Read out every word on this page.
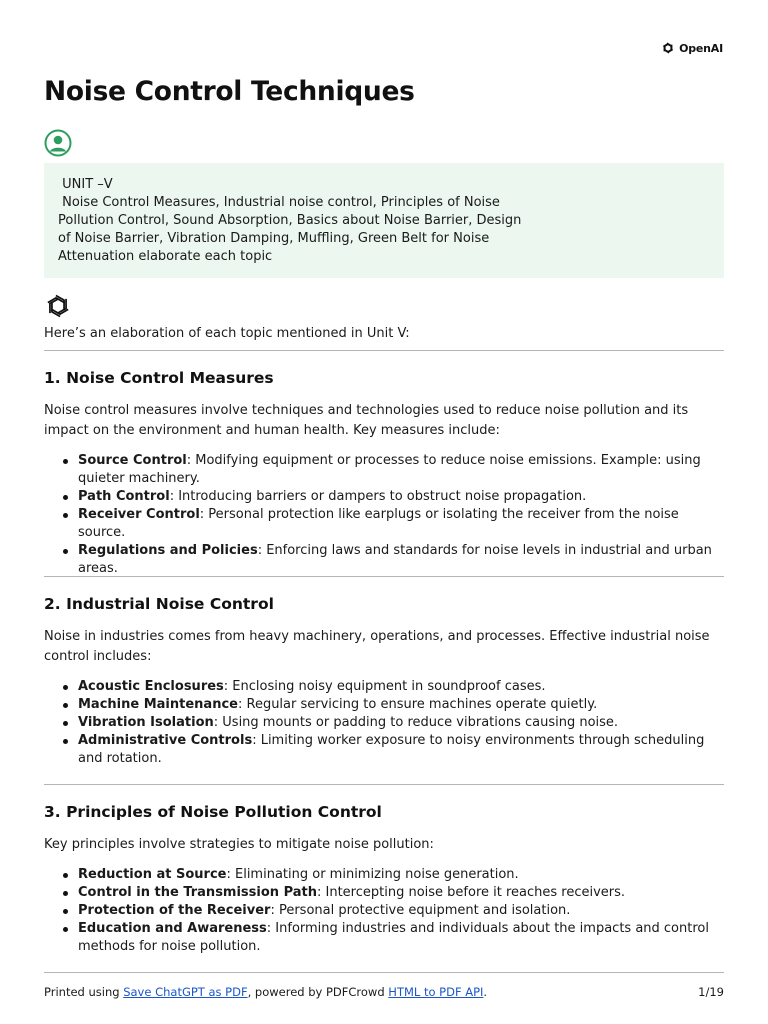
OpenAI
Noise Control Techniques
UNIT –V
Noise Control Measures, Industrial noise control, Principles of Noise
Pollution Control, Sound Absorption, Basics about Noise Barrier, Design
of Noise Barrier, Vibration Damping, Muffling, Green Belt for Noise
Attenuation elaborate each topic

Here’s an elaboration of each topic mentioned in Unit V:

1. Noise Control Measures

Noise control measures involve techniques and technologies used to reduce noise pollution and its impact on the environment and human health. Key measures include:

Source Control: Modifying equipment or processes to reduce noise emissions. Example: using quieter machinery.
Path Control: Introducing barriers or dampers to obstruct noise propagation.
Receiver Control: Personal protection like earplugs or isolating the receiver from the noise source.
Regulations and Policies: Enforcing laws and standards for noise levels in industrial and urban areas.
2. Industrial Noise Control

Noise in industries comes from heavy machinery, operations, and processes. Effective industrial noise control includes:

Acoustic Enclosures: Enclosing noisy equipment in soundproof cases.
Machine Maintenance: Regular servicing to ensure machines operate quietly.
Vibration Isolation: Using mounts or padding to reduce vibrations causing noise.
Administrative Controls: Limiting worker exposure to noisy environments through scheduling and rotation.
3. Principles of Noise Pollution Control

Key principles involve strategies to mitigate noise pollution:

Reduction at Source: Eliminating or minimizing noise generation.
Control in the Transmission Path: Intercepting noise before it reaches receivers.
Protection of the Receiver: Personal protective equipment and isolation.
Education and Awareness: Informing industries and individuals about the impacts and control methods for noise pollution.
Printed using Save ChatGPT as PDF, powered by PDFCrowd HTML to PDF API.	1/19
